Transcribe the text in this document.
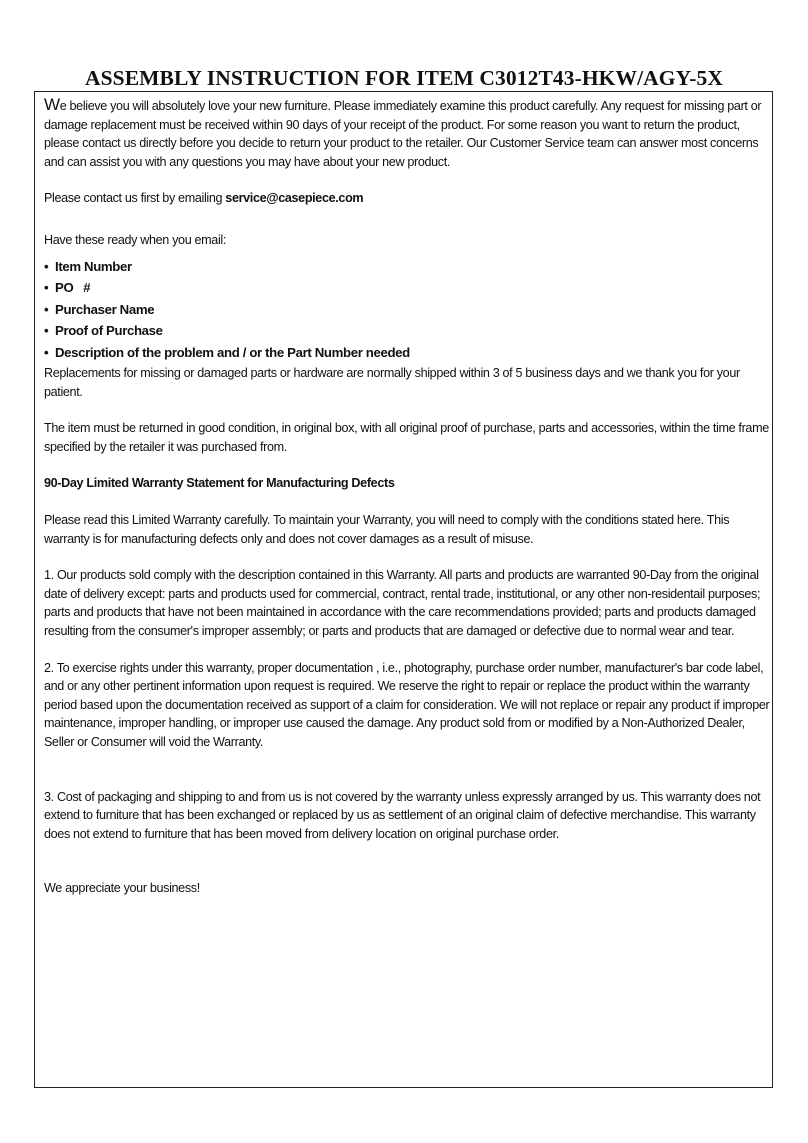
ASSEMBLY INSTRUCTION FOR ITEM C3012T43-HKW/AGY-5X

We believe you will absolutely love your new furniture. Please immediately examine this product carefully. Any request for missing part or damage replacement must be received within 90 days of your receipt of the product. For some reason you want to return the product, please contact us directly before you decide to return your product to the retailer. Our Customer Service team can answer most concerns and can assist you with any questions you may have about your new product.

Please contact us first by emailing service@casepiece.com

Have these ready when you email:

• Item Number
• PO   #
• Purchaser Name
• Proof of Purchase
• Description of the problem and / or the Part Number needed

Replacements for missing or damaged parts or hardware are normally shipped within 3 of 5 business days and we thank you for your patient.

The item must be returned in good condition, in original box, with all original proof of purchase, parts and accessories, within the time frame specified by the retailer it was purchased from.

90-Day Limited Warranty Statement for Manufacturing Defects

Please read this Limited Warranty carefully. To maintain your Warranty, you will need to comply with the conditions stated here. This warranty is for manufacturing defects only and does not cover damages as a result of misuse.

1. Our products sold comply with the description contained in this Warranty. All parts and products are warranted 90-Day from the original date of delivery except: parts and products used for commercial, contract, rental trade, institutional, or any other non-residentail purposes; parts and products that have not been maintained in accordance with the care recommendations provided; parts and products damaged resulting from the consumer's improper assembly; or parts and products that are damaged or defective due to normal wear and tear.

2. To exercise rights under this warranty, proper documentation , i.e., photography, purchase order number, manufacturer's bar code label, and or any other pertinent information upon request is required. We reserve the right to repair or replace the product within the warranty period based upon the documentation received as support of a claim for consideration. We will not replace or repair any product if improper maintenance, improper handling, or improper use caused the damage. Any product sold from or modified by a Non-Authorized Dealer, Seller or Consumer will void the Warranty.

3. Cost of packaging and shipping to and from us is not covered by the warranty unless expressly arranged by us. This warranty does not extend to furniture that has been exchanged or replaced by us as settlement of an original claim of defective merchandise. This warranty does not extend to furniture that has been moved from delivery location on original purchase order.

We appreciate your business!
